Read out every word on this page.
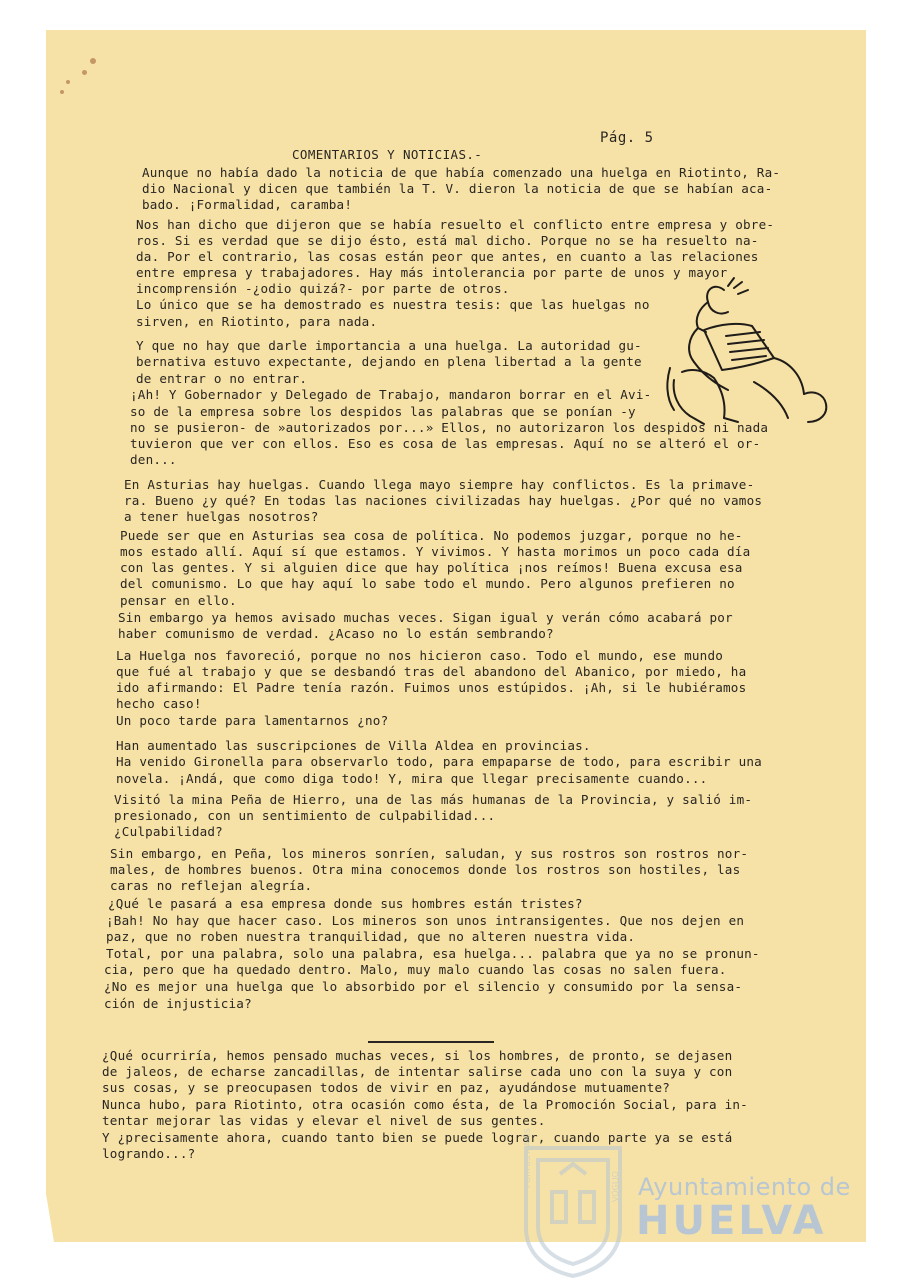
Pág. 5
COMENTARIOS Y NOTICIAS.-
Aunque no había dado la noticia de que había comenzado una huelga en Riotinto, Ra-
dio Nacional y dicen que también la T. V. dieron la noticia de que se habían aca-
bado. ¡Formalidad, caramba!
Nos han dicho que dijeron que se había resuelto el conflicto entre empresa y obre-
ros. Si es verdad que se dijo ésto, está mal dicho. Porque no se ha resuelto na-
da. Por el contrario, las cosas están peor que antes, en cuanto a las relaciones
entre empresa y trabajadores. Hay más intolerancia por parte de unos y mayor
incomprensión -¿odio quizá?- por parte de otros.
Lo único que se ha demostrado es nuestra tesis: que las huelgas no
sirven, en Riotinto, para nada.
Y que no hay que darle importancia a una huelga. La autoridad gu-
bernativa estuvo expectante, dejando en plena libertad a la gente
de entrar o no entrar.
¡Ah! Y Gobernador y Delegado de Trabajo, mandaron borrar en el Avi-
so de la empresa sobre los despidos las palabras que se ponían -y
no se pusieron- de »autorizados por...» Ellos, no autorizaron los despidos ni nada
tuvieron que ver con ellos. Eso es cosa de las empresas. Aquí no se alteró el or-
den...
En Asturias hay huelgas. Cuando llega mayo siempre hay conflictos. Es la primave-
ra. Bueno ¿y qué? En todas las naciones civilizadas hay huelgas. ¿Por qué no vamos
a tener huelgas nosotros?
Puede ser que en Asturias sea cosa de política. No podemos juzgar, porque no he-
mos estado allí. Aquí sí que estamos. Y vivimos. Y hasta morimos un poco cada día
con las gentes. Y si alguien dice que hay política ¡nos reímos! Buena excusa esa
del comunismo. Lo que hay aquí lo sabe todo el mundo. Pero algunos prefieren no
pensar en ello.
Sin embargo ya hemos avisado muchas veces. Sigan igual y verán cómo acabará por
haber comunismo de verdad. ¿Acaso no lo están sembrando?
La Huelga nos favoreció, porque no nos hicieron caso. Todo el mundo, ese mundo
que fué al trabajo y que se desbandó tras del abandono del Abanico, por miedo, ha
ido afirmando: El Padre tenía razón. Fuimos unos estúpidos. ¡Ah, si le hubiéramos
hecho caso!
Un poco tarde para lamentarnos ¿no?
Han aumentado las suscripciones de Villa Aldea en provincias.
Ha venido Gironella para observarlo todo, para empaparse de todo, para escribir una
novela. ¡Andá, que como diga todo! Y, mira que llegar precisamente cuando...
Visitó la mina Peña de Hierro, una de las más humanas de la Provincia, y salió im-
presionado, con un sentimiento de culpabilidad...
¿Culpabilidad?
Sin embargo, en Peña, los mineros sonríen, saludan, y sus rostros son rostros nor-
males, de hombres buenos. Otra mina conocemos donde los rostros son hostiles, las
caras no reflejan alegría.
¿Qué le pasará a esa empresa donde sus hombres están tristes?
¡Bah! No hay que hacer caso. Los mineros son unos intransigentes. Que nos dejen en
paz, que no roben nuestra tranquilidad, que no alteren nuestra vida.
Total, por una palabra, solo una palabra, esa huelga... palabra que ya no se pronun-
cia, pero que ha quedado dentro. Malo, muy malo cuando las cosas no salen fuera.
¿No es mejor una huelga que lo absorbido por el silencio y consumido por la sensa-
ción de injusticia?
¿Qué ocurriría, hemos pensado muchas veces, si los hombres, de pronto, se dejasen
de jaleos, de echarse zancadillas, de intentar salirse cada uno con la suya y con
sus cosas, y se preocupasen todos de vivir en paz, ayudándose mutuamente?
Nunca hubo, para Riotinto, otra ocasión como ésta, de la Promoción Social, para in-
tentar mejorar las vidas y elevar el nivel de sus gentes.
Y ¿precisamente ahora, cuando tanto bien se puede lograr, cuando parte ya se está
logrando...?	PORTUS MARIS	VOGLIO Ayuntamiento de
HUELVA
